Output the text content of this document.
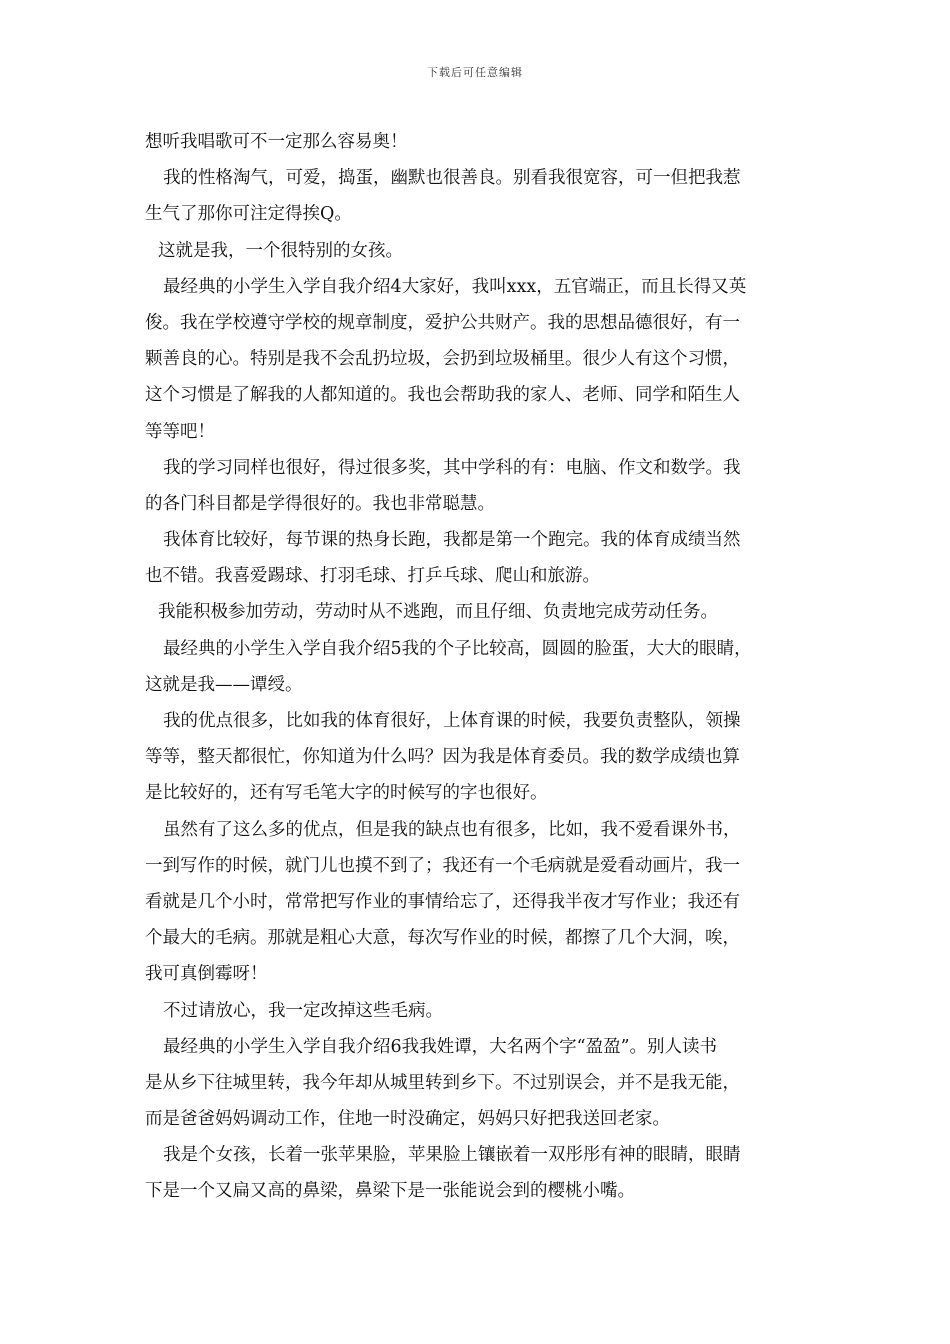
下载后可任意编辑
想听我唱歌可不一定那么容易奥！
我的性格淘气，可爱，捣蛋，幽默也很善良。别看我很宽容，可一但把我惹
生气了那你可注定得挨Q。
这就是我，一个很特别的女孩。
最经典的小学生入学自我介绍4大家好，我叫xxx，五官端正，而且长得又英
俊。我在学校遵守学校的规章制度，爱护公共财产。我的思想品德很好，有一
颗善良的心。特别是我不会乱扔垃圾，会扔到垃圾桶里。很少人有这个习惯，
这个习惯是了解我的人都知道的。我也会帮助我的家人、老师、同学和陌生人
等等吧！
我的学习同样也很好，得过很多奖，其中学科的有：电脑、作文和数学。我
的各门科目都是学得很好的。我也非常聪慧。
我体育比较好，每节课的热身长跑，我都是第一个跑完。我的体育成绩当然
也不错。我喜爱踢球、打羽毛球、打乒乓球、爬山和旅游。
我能积极参加劳动，劳动时从不逃跑，而且仔细、负责地完成劳动任务。
最经典的小学生入学自我介绍5我的个子比较高，圆圆的脸蛋，大大的眼睛，
这就是我——谭绶。
我的优点很多，比如我的体育很好，上体育课的时候，我要负责整队，领操
等等，整天都很忙，你知道为什么吗？因为我是体育委员。我的数学成绩也算
是比较好的，还有写毛笔大字的时候写的字也很好。
虽然有了这么多的优点，但是我的缺点也有很多，比如，我不爱看课外书，
一到写作的时候，就门儿也摸不到了；我还有一个毛病就是爱看动画片，我一
看就是几个小时，常常把写作业的事情给忘了，还得我半夜才写作业；我还有
个最大的毛病。那就是粗心大意，每次写作业的时候，都擦了几个大洞，唉，
我可真倒霉呀！
不过请放心，我一定改掉这些毛病。
最经典的小学生入学自我介绍6我我姓谭，大名两个字“盈盈”。别人读书
是从乡下往城里转，我今年却从城里转到乡下。不过别误会，并不是我无能，
而是爸爸妈妈调动工作，住地一时没确定，妈妈只好把我送回老家。
我是个女孩，长着一张苹果脸，苹果脸上镶嵌着一双彤彤有神的眼睛，眼睛
下是一个又扁又高的鼻梁，鼻梁下是一张能说会到的樱桃小嘴。
